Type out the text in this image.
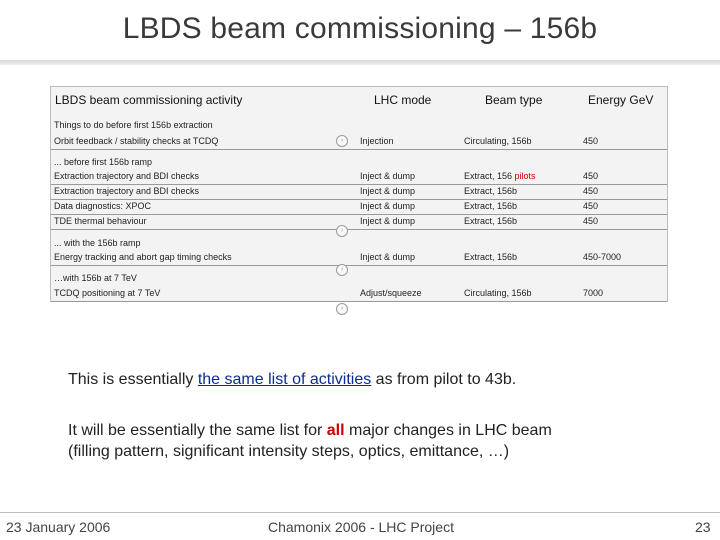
LBDS beam commissioning – 156b
LBDS beam commissioning activity	LHC mode	Beam type	Energy GeV
Things to do before first 156b extraction
Orbit feedback / stability checks at TCDQ	Injection	Circulating, 156b	450
›
... before first 156b ramp
Extraction trajectory and BDI checks	Inject & dump	Extract, 156 pilots	450
Extraction trajectory and BDI checks	Inject & dump	Extract, 156b	450
Data diagnostics: XPOC	Inject & dump	Extract, 156b	450
TDE thermal behaviour	Inject & dump	Extract, 156b	450
›
... with the 156b ramp
Energy tracking and abort gap timing checks	Inject & dump	Extract, 156b	450-7000
›
…with 156b at 7 TeV
TCDQ positioning at 7 TeV	Adjust/squeeze	Circulating, 156b	7000
›
This is essentially the same list of activities as from pilot to 43b.
It will be essentially the same list for all major changes in LHC beam
(filling pattern, significant intensity steps, optics, emittance, …)
23 January 2006	Chamonix 2006 - LHC Project	23
